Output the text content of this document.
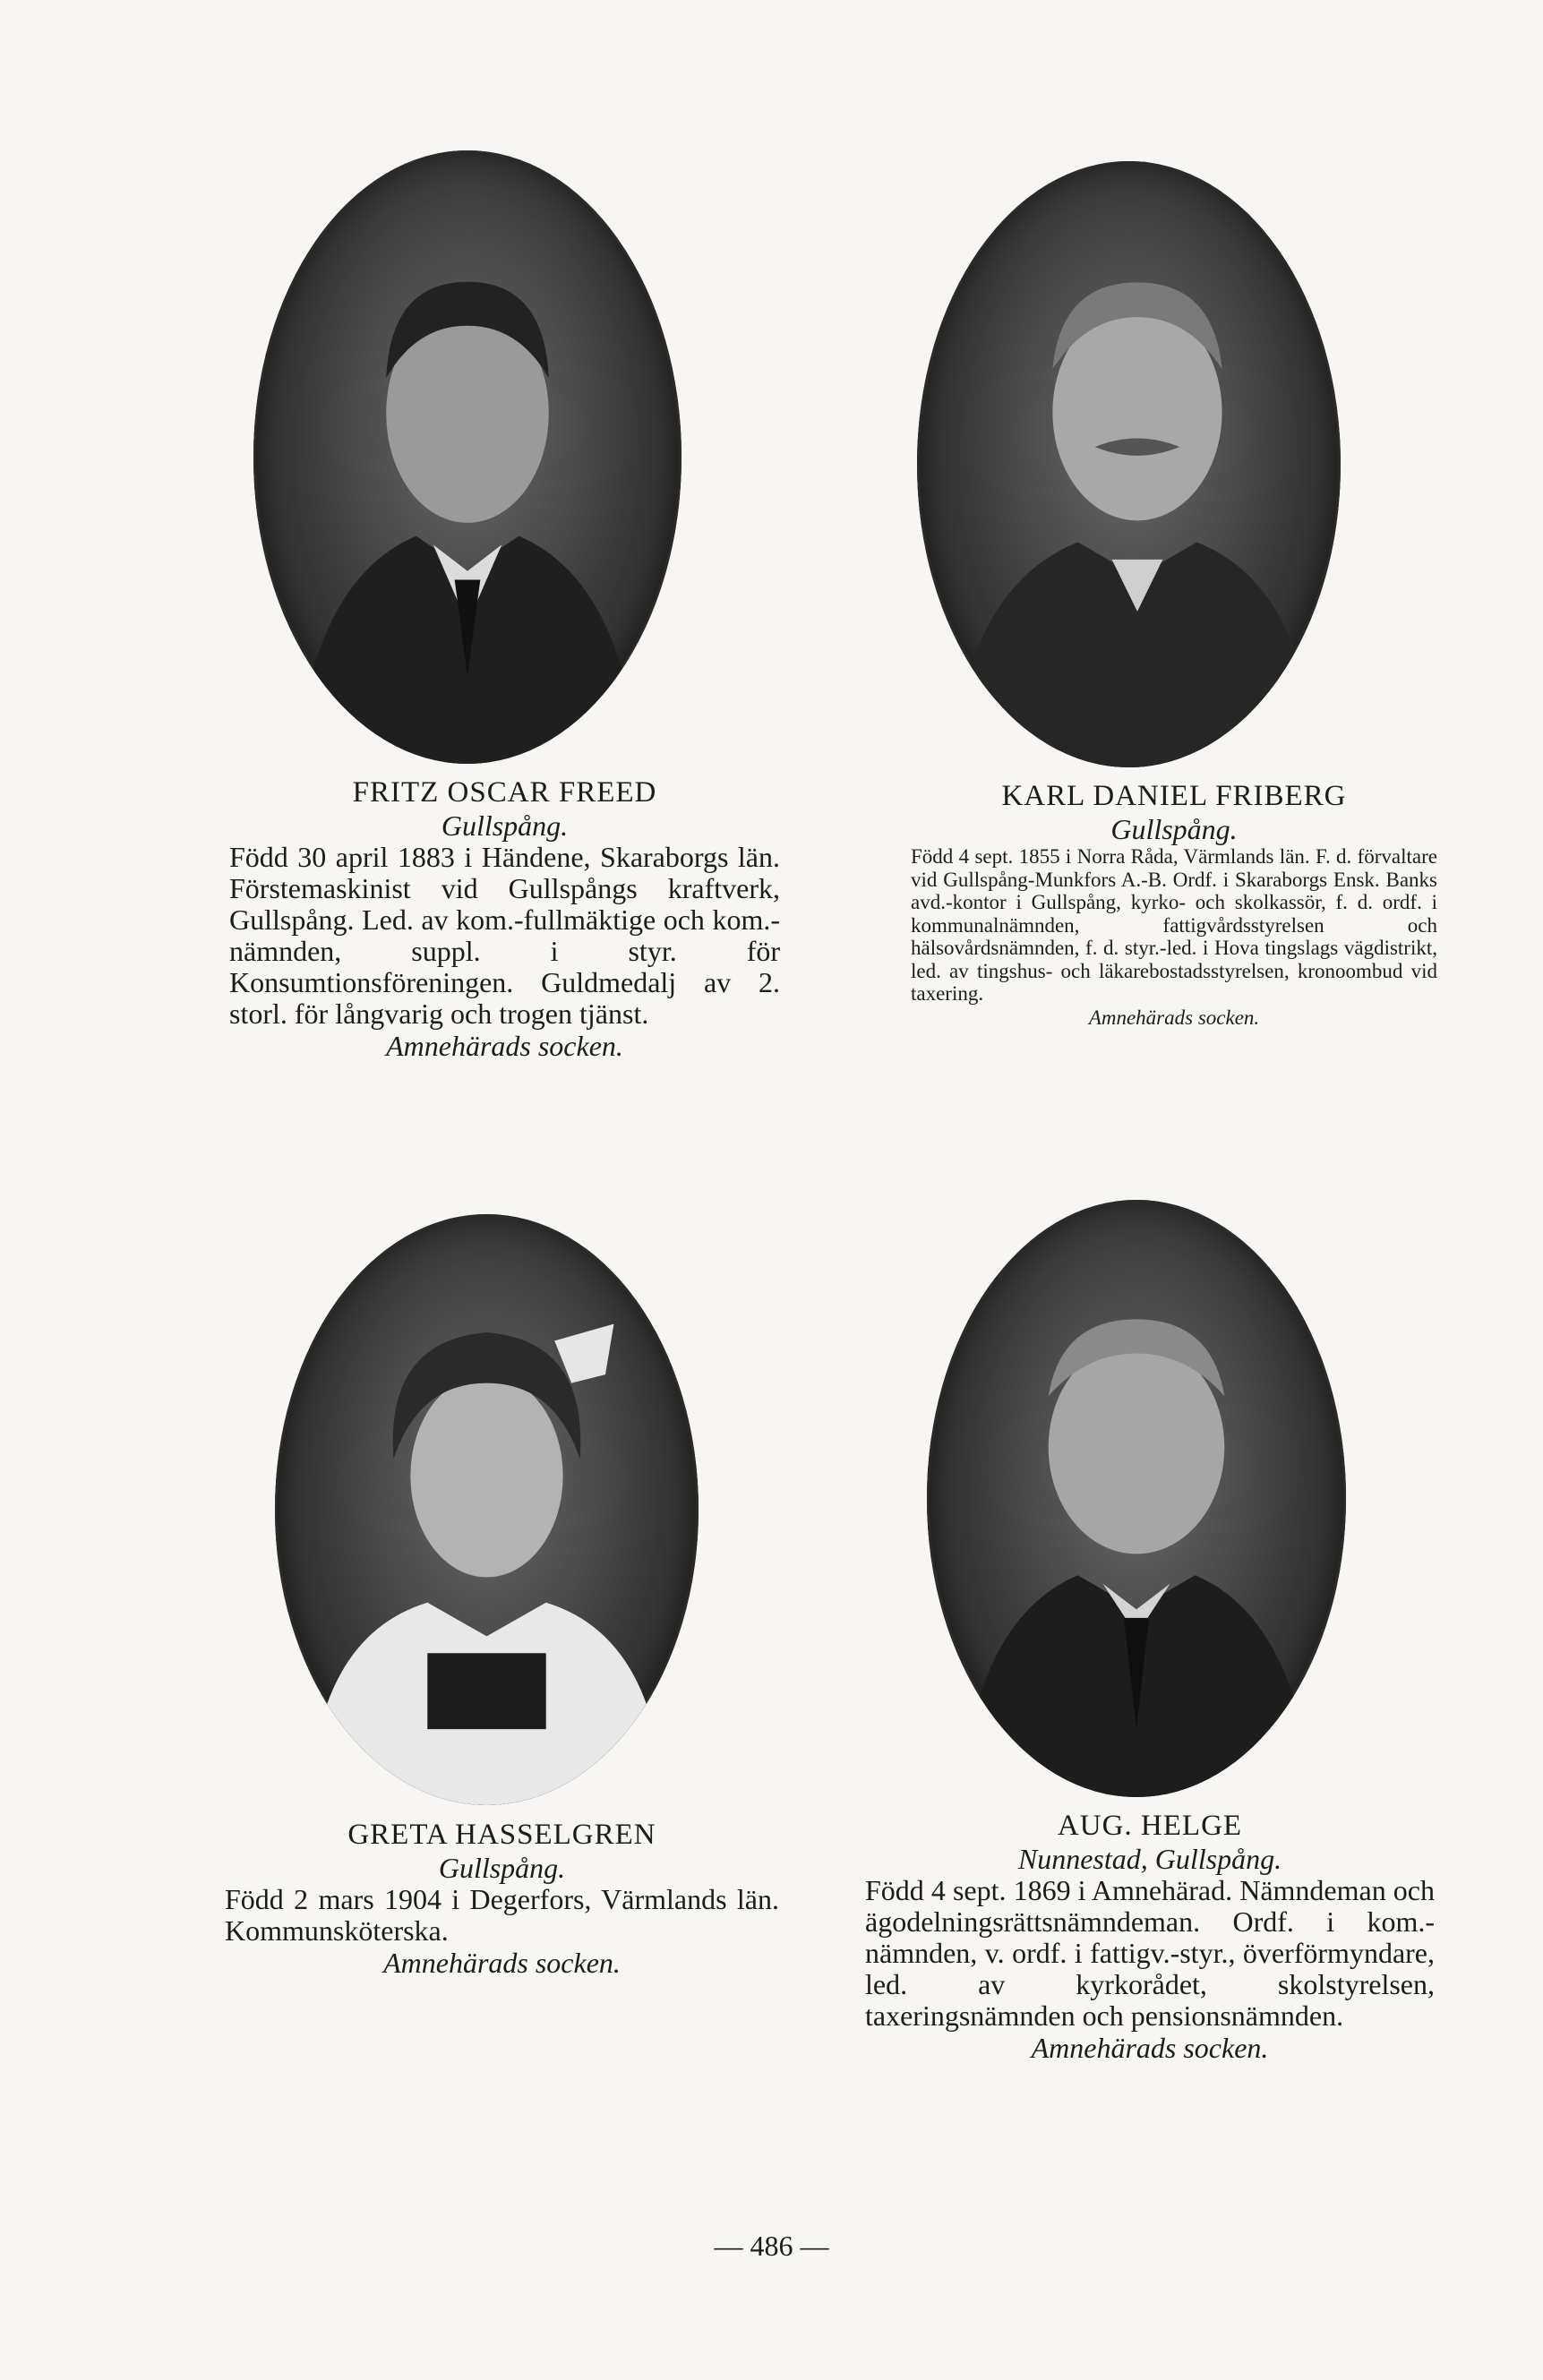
FRITZ OSCAR FREED

Gullspång.

Född 30 april 1883 i Händene, Skaraborgs län. Förstemaskinist vid Gullspångs kraftverk, Gullspång. Led. av kom.-fullmäktige och kom.-nämnden, suppl. i styr. för Konsumtionsföreningen. Guldmedalj av 2. storl. för långvarig och trogen tjänst.

Amnehärads socken.

KARL DANIEL FRIBERG

Gullspång.

Född 4 sept. 1855 i Norra Råda, Värmlands län. F. d. förvaltare vid Gullspång-Munkfors A.-B. Ordf. i Skaraborgs Ensk. Banks avd.-kontor i Gullspång, kyrko- och skolkassör, f. d. ordf. i kommunalnämnden, fattigvårdsstyrelsen och hälsovårdsnämnden, f. d. styr.-led. i Hova tingslags vägdistrikt, led. av tingshus- och läkarebostadsstyrelsen, kronoombud vid taxering.

Amnehärads socken.

GRETA HASSELGREN

Gullspång.

Född 2 mars 1904 i Degerfors, Värmlands län. Kommunsköterska.

Amnehärads socken.

AUG. HELGE

Nunnestad, Gullspång.

Född 4 sept. 1869 i Amnehärad. Nämndeman och ägodelningsrättsnämndeman. Ordf. i kom.-nämnden, v. ordf. i fattigv.-styr., överförmyndare, led. av kyrkorådet, skolstyrelsen, taxeringsnämnden och pensionsnämnden.

Amnehärads socken.

— 486 —
